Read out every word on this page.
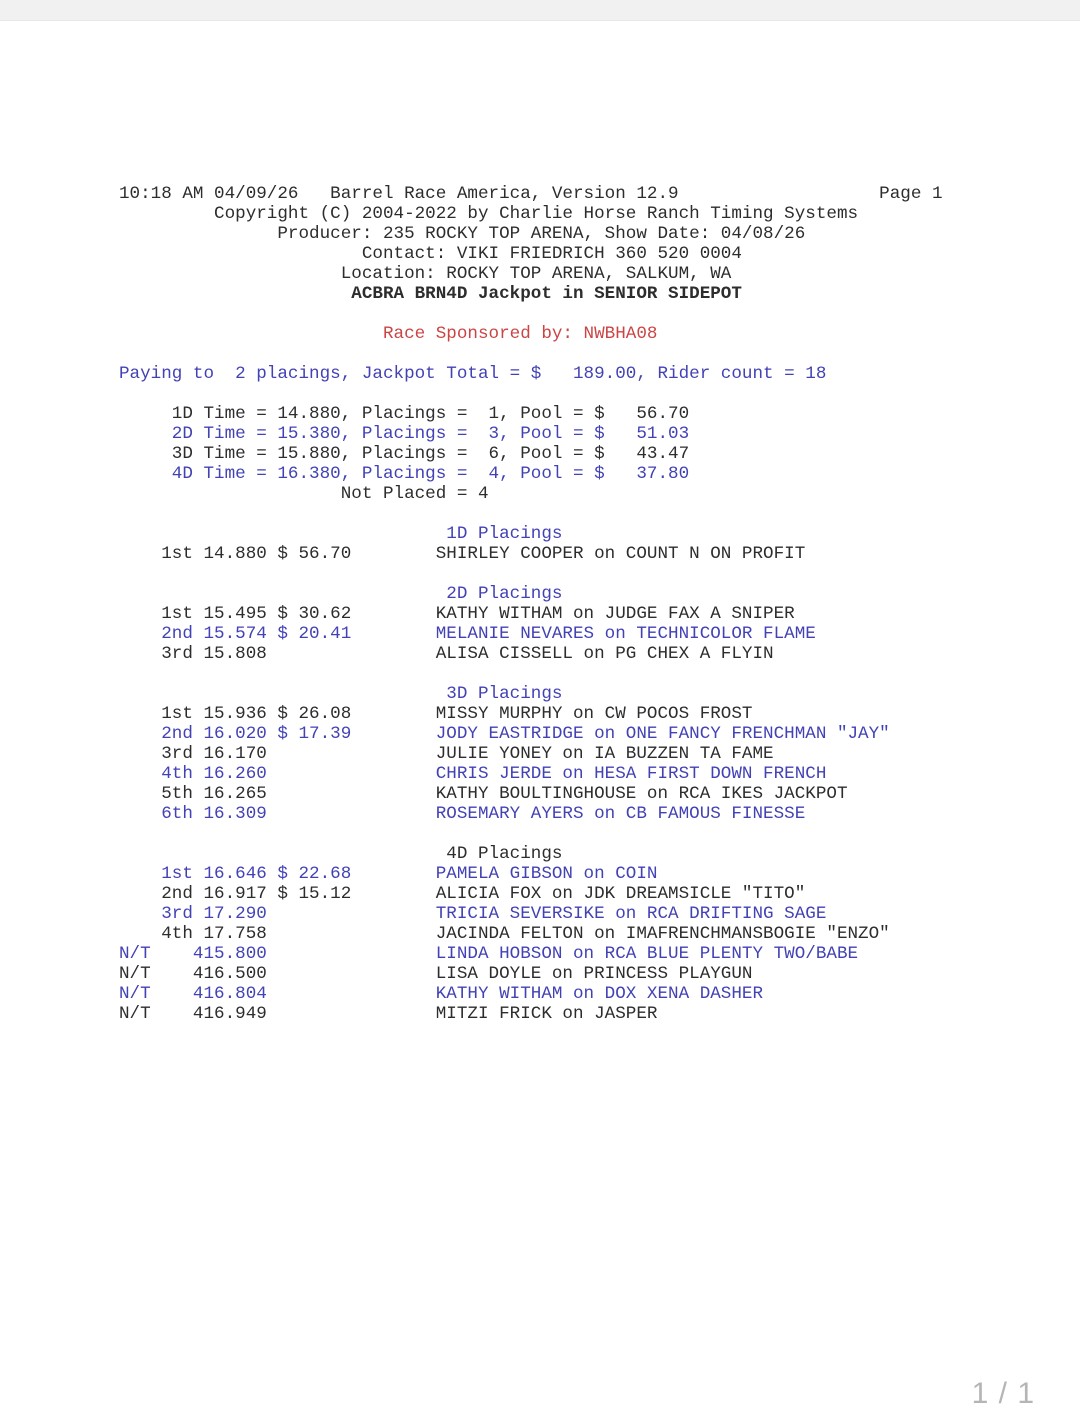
10:18 AM 04/09/26   Barrel Race America, Version 12.9                   Page 1
Copyright (C) 2004-2022 by Charlie Horse Ranch Timing Systems
Producer: 235 ROCKY TOP ARENA, Show Date: 04/08/26
Contact: VIKI FRIEDRICH 360 520 0004
Location: ROCKY TOP ARENA, SALKUM, WA
ACBRA BRN4D Jackpot in SENIOR SIDEPOT
Race Sponsored by: NWBHA08
Paying to  2 placings, Jackpot Total = $   189.00, Rider count = 18
1D Time = 14.880, Placings =  1, Pool = $   56.70
2D Time = 15.380, Placings =  3, Pool = $   51.03
3D Time = 15.880, Placings =  6, Pool = $   43.47
4D Time = 16.380, Placings =  4, Pool = $   37.80
Not Placed = 4
1D Placings
1st 14.880 $ 56.70        SHIRLEY COOPER on COUNT N ON PROFIT
2D Placings
1st 15.495 $ 30.62        KATHY WITHAM on JUDGE FAX A SNIPER
2nd 15.574 $ 20.41        MELANIE NEVARES on TECHNICOLOR FLAME
3rd 15.808                ALISA CISSELL on PG CHEX A FLYIN
3D Placings
1st 15.936 $ 26.08        MISSY MURPHY on CW POCOS FROST
2nd 16.020 $ 17.39        JODY EASTRIDGE on ONE FANCY FRENCHMAN "JAY"
3rd 16.170                JULIE YONEY on IA BUZZEN TA FAME
4th 16.260                CHRIS JERDE on HESA FIRST DOWN FRENCH
5th 16.265                KATHY BOULTINGHOUSE on RCA IKES JACKPOT
6th 16.309                ROSEMARY AYERS on CB FAMOUS FINESSE
4D Placings
1st 16.646 $ 22.68        PAMELA GIBSON on COIN
2nd 16.917 $ 15.12        ALICIA FOX on JDK DREAMSICLE "TITO"
3rd 17.290                TRICIA SEVERSIKE on RCA DRIFTING SAGE
4th 17.758                JACINDA FELTON on IMAFRENCHMANSBOGIE "ENZO"
N/T    415.800                LINDA HOBSON on RCA BLUE PLENTY TWO/BABE
N/T    416.500                LISA DOYLE on PRINCESS PLAYGUN
N/T    416.804                KATHY WITHAM on DOX XENA DASHER
N/T    416.949                MITZI FRICK on JASPER
1 / 1
